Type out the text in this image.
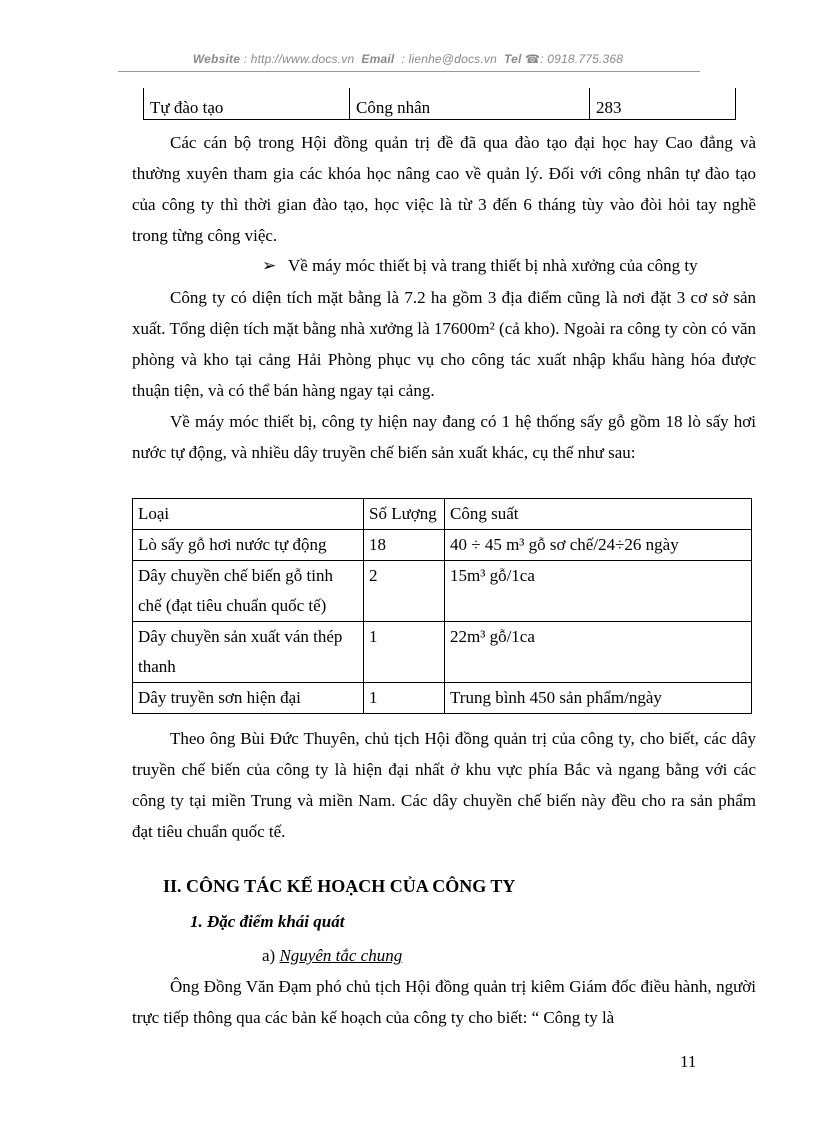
Website : http://www.docs.vn Email : lienhe@docs.vn Tel ☎: 0918.775.368
Tự đào tạo	Công nhân	283

Các cán bộ trong Hội đồng quản trị đề đã qua đào tạo đại học hay Cao đẳng và thường xuyên tham gia các khóa học nâng cao về quản lý. Đối với công nhân tự đào tạo của công ty thì thời gian đào tạo, học việc là từ 3 đến 6 tháng tùy vào đòi hỏi tay nghề trong từng công việc.

➢ Về máy móc thiết bị và trang thiết bị nhà xưởng của công ty

Công ty có diện tích mặt bằng là 7.2 ha gồm 3 địa điểm cũng là nơi đặt 3 cơ sở sản xuất. Tổng diện tích mặt bằng nhà xưởng là 17600m² (cả kho). Ngoài ra công ty còn có văn phòng và kho tại cảng Hải Phòng phục vụ cho công tác xuất nhập khẩu hàng hóa được thuận tiện, và có thể bán hàng ngay tại cảng.

Về máy móc thiết bị, công ty hiện nay đang có 1 hệ thống sấy gỗ gồm 18 lò sấy hơi nước tự động, và nhiều dây truyền chế biến sản xuất khác, cụ thể như sau:

Loại	Số Lượng	Công suất
Lò sấy gỗ hơi nước tự động	18	40 ÷ 45 m³ gỗ sơ chế/24÷26 ngày
Dây chuyền chế biến gỗ tinh chế (đạt tiêu chuẩn quốc tế)	2	15m³ gỗ/1ca
Dây chuyền sản xuất ván thép thanh	1	22m³ gỗ/1ca
Dây truyền sơn hiện đại	1	Trung bình 450 sản phẩm/ngày

Theo ông Bùi Đức Thuyên, chủ tịch Hội đồng quản trị của công ty, cho biết, các dây truyền chế biến của công ty là hiện đại nhất ở khu vực phía Bắc và ngang bằng với các công ty tại miền Trung và miền Nam. Các dây chuyền chế biến này đều cho ra sản phẩm đạt tiêu chuẩn quốc tế.

II. CÔNG TÁC KẾ HOẠCH CỦA CÔNG TY
1. Đặc điểm khái quát
a) Nguyên tắc chung

Ông Đồng Văn Đạm phó chủ tịch Hội đồng quản trị kiêm Giám đốc điều hành, người trực tiếp thông qua các bản kế hoạch của công ty cho biết: “ Công ty là

11
